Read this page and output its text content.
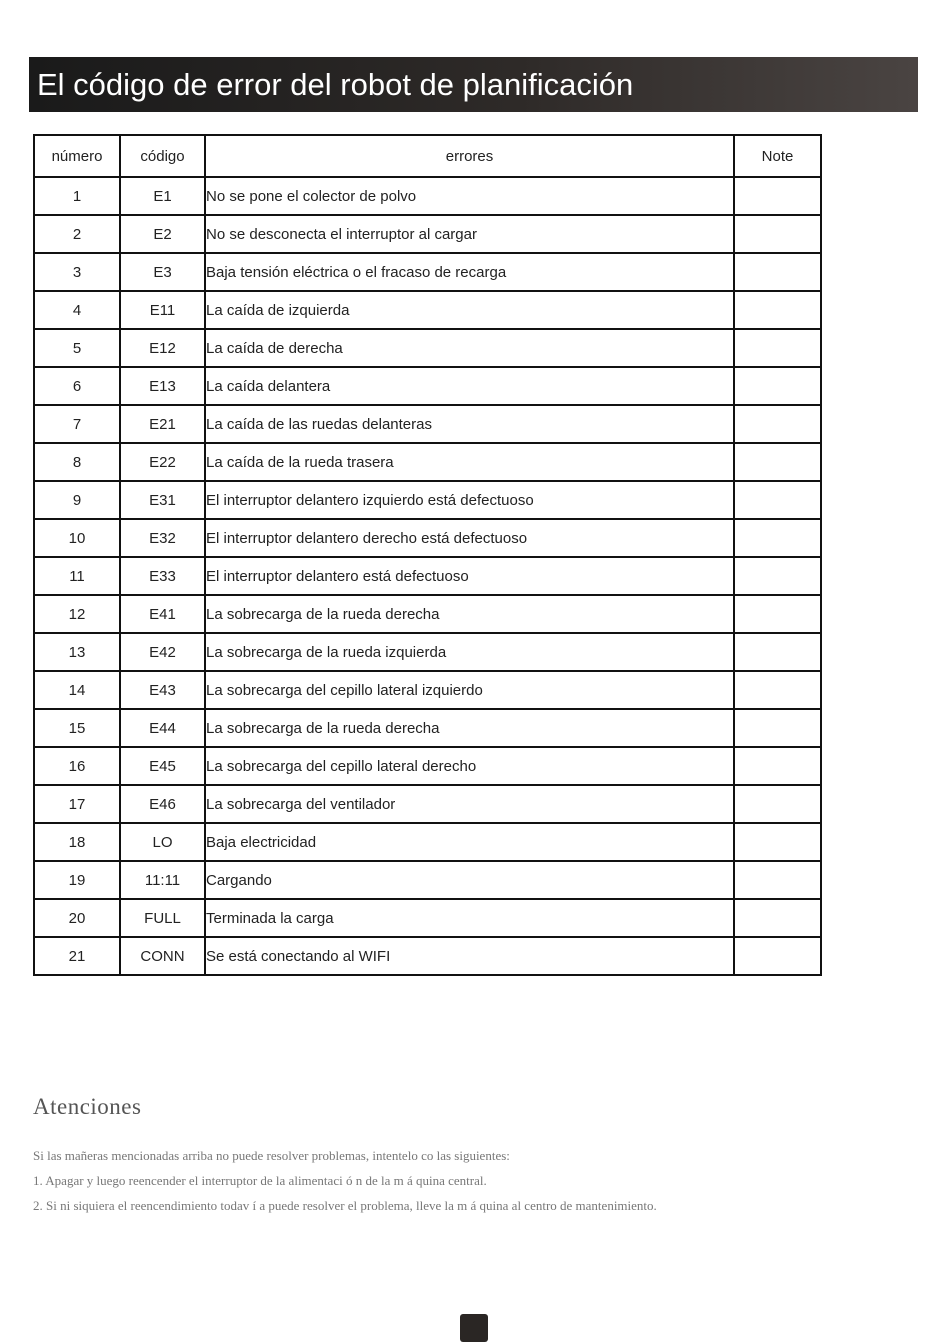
El código de error del robot de planificación
número	código	errores	Note
1	E1	No se pone el colector de polvo	
2	E2	No se desconecta el interruptor al cargar	
3	E3	Baja tensión eléctrica o el fracaso de recarga	
4	E11	La caída de izquierda	
5	E12	La caída de derecha	
6	E13	La caída delantera	
7	E21	La caída de las ruedas delanteras	
8	E22	La caída de la rueda trasera	
9	E31	El interruptor delantero izquierdo está defectuoso	
10	E32	El interruptor delantero derecho está defectuoso	
11	E33	El interruptor delantero está defectuoso	
12	E41	La sobrecarga de la rueda derecha	
13	E42	La sobrecarga de la rueda izquierda	
14	E43	La sobrecarga del cepillo lateral izquierdo	
15	E44	La sobrecarga de la rueda derecha	
16	E45	La sobrecarga del cepillo lateral derecho	
17	E46	La sobrecarga del ventilador	
18	LO	Baja electricidad	
19	11:11	Cargando	
20	FULL	Terminada la carga	
21	CONN	Se está conectando al WIFI	
Atenciones

Si las mañeras mencionadas arriba no puede resolver problemas, intentelo co las siguientes:

1. Apagar y luego reencender el interruptor de la alimentaci ó n de la m á quina central.

2. Si ni siquiera el reencendimiento todav í a puede resolver el problema, lleve la m á quina al centro de mantenimiento.
